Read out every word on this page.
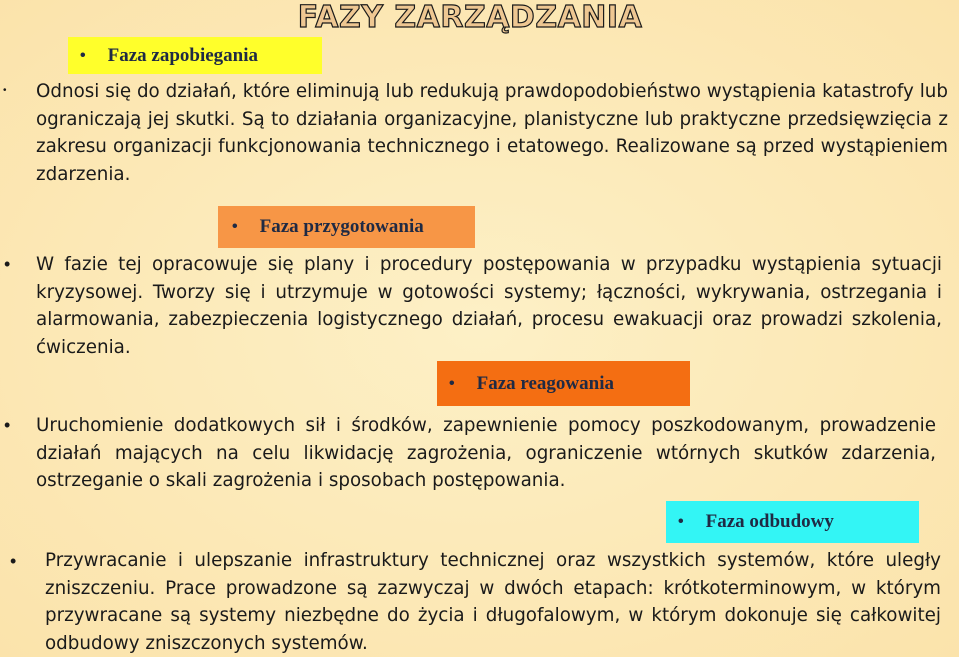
FAZY ZARZĄDZANIA
• Faza zapobiegania
• Odnosi się do działań, które eliminują lub redukują prawdopodobieństwo wystąpienia katastrofy lub ograniczają jej skutki. Są to działania organizacyjne, planistyczne lub praktyczne przedsięwzięcia z zakresu organizacji funkcjonowania technicznego i etatowego. Realizowane są przed wystąpieniem zdarzenia.
• Faza przygotowania
• W fazie tej opracowuje się plany i procedury postępowania w przypadku wystąpienia sytuacji kryzysowej. Tworzy się i utrzymuje w gotowości systemy; łączności, wykrywania, ostrzegania i alarmowania, zabezpieczenia logistycznego działań, procesu ewakuacji oraz prowadzi szkolenia, ćwiczenia.
• Faza reagowania
• Uruchomienie dodatkowych sił i środków, zapewnienie pomocy poszkodowanym, prowadzenie działań mających na celu likwidację zagrożenia, ograniczenie wtórnych skutków zdarzenia, ostrzeganie o skali zagrożenia i sposobach postępowania.
• Faza odbudowy
• Przywracanie i ulepszanie infrastruktury technicznej oraz wszystkich systemów, które uległy zniszczeniu. Prace prowadzone są zazwyczaj w dwóch etapach: krótkoterminowym, w którym przywracane są systemy niezbędne do życia i długofalowym, w którym dokonuje się całkowitej odbudowy zniszczonych systemów.
